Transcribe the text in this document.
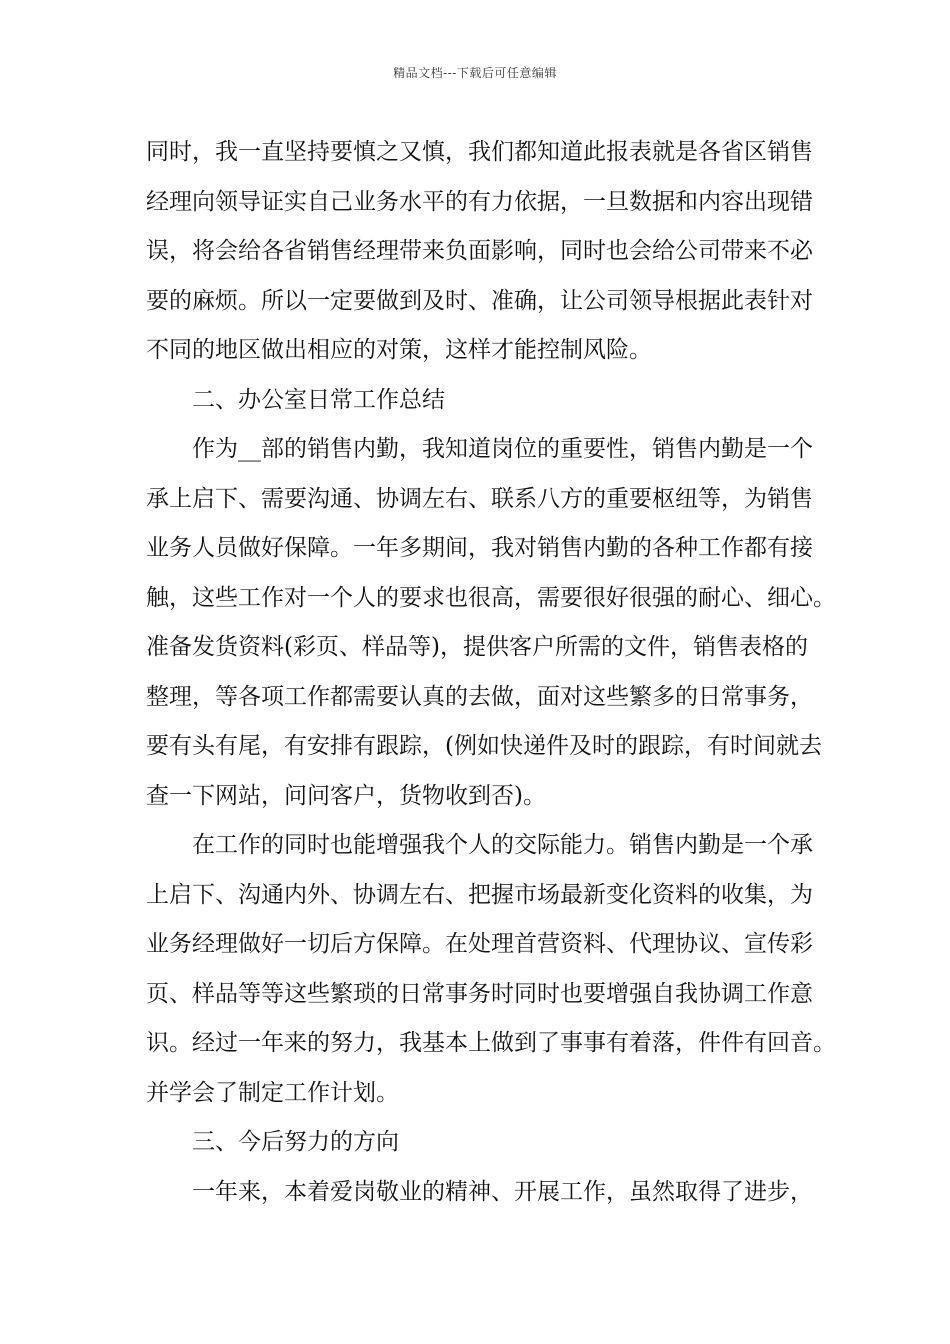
精品文档---下载后可任意编辑
同时，我一直坚持要慎之又慎，我们都知道此报表就是各省区销售
经理向领导证实自己业务水平的有力依据，一旦数据和内容出现错
误，将会给各省销售经理带来负面影响，同时也会给公司带来不必
要的麻烦。所以一定要做到及时、准确，让公司领导根据此表针对
不同的地区做出相应的对策，这样才能控制风险。
二、办公室日常工作总结
作为__部的销售内勤，我知道岗位的重要性，销售内勤是一个
承上启下、需要沟通、协调左右、联系八方的重要枢纽等，为销售
业务人员做好保障。一年多期间，我对销售内勤的各种工作都有接
触，这些工作对一个人的要求也很高，需要很好很强的耐心、细心。
准备发货资料(彩页、样品等)，提供客户所需的文件，销售表格的
整理，等各项工作都需要认真的去做，面对这些繁多的日常事务，
要有头有尾，有安排有跟踪，(例如快递件及时的跟踪，有时间就去
查一下网站，问问客户，货物收到否)。
在工作的同时也能增强我个人的交际能力。销售内勤是一个承
上启下、沟通内外、协调左右、把握市场最新变化资料的收集，为
业务经理做好一切后方保障。在处理首营资料、代理协议、宣传彩
页、样品等等这些繁琐的日常事务时同时也要增强自我协调工作意
识。经过一年来的努力，我基本上做到了事事有着落，件件有回音。
并学会了制定工作计划。
三、今后努力的方向
一年来，本着爱岗敬业的精神、开展工作，虽然取得了进步，
